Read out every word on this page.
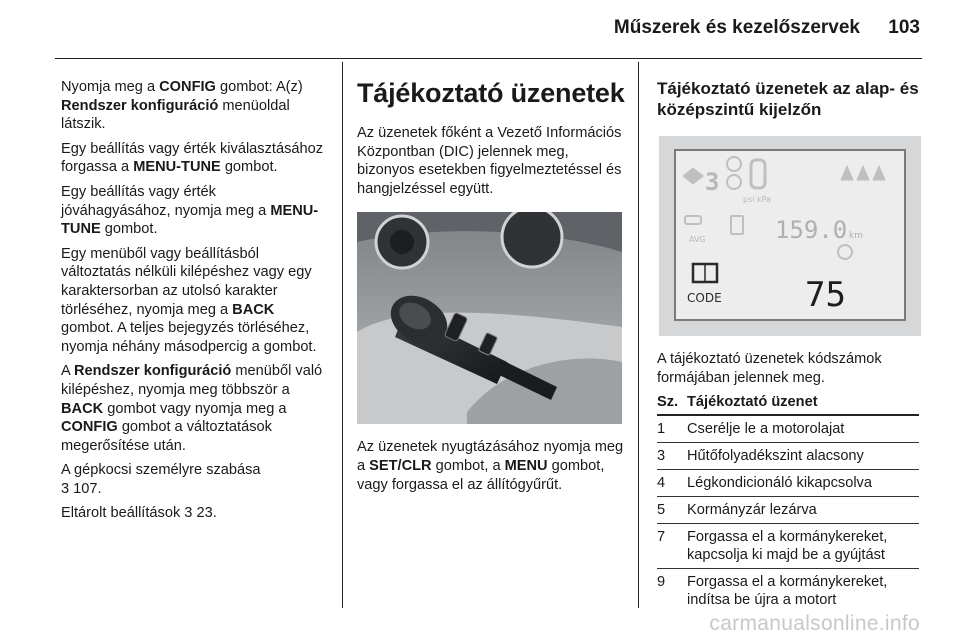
Műszerek és kezelőszervek 103

Nyomja meg a CONFIG gombot: A(z) Rendszer konfiguráció menüoldal látszik.

Egy beállítás vagy érték kiválasztásához forgassa a MENU-TUNE gombot.

Egy beállítás vagy érték jóváhagyásához, nyomja meg a MENU-TUNE gombot.

Egy menüből vagy beállításból változtatás nélküli kilépéshez vagy egy karaktersorban az utolsó karakter törléséhez, nyomja meg a BACK gombot. A teljes bejegyzés törléséhez, nyomja néhány másodpercig a gombot.

A Rendszer konfiguráció menüből való kilépéshez, nyomja meg többször a BACK gombot vagy nyomja meg a CONFIG gombot a változtatások megerősítése után.

A gépkocsi személyre szabása
3 107.

Eltárolt beállítások 3 23.

Tájékoztató üzenetek

Az üzenetek főként a Vezető Információs Központban (DIC) jelennek meg, bizonyos esetekben figyelmeztetéssel és hangjelzéssel együtt.

Az üzenetek nyugtázásához nyomja meg a SET/CLR gombot, a MENU gombot, vagy forgassa el az állítógyűrűt.

Tájékoztató üzenetek az alap- és középszintű kijelzőn
3
psi kPa
AVG	159.0 km
CODE 75

A tájékoztató üzenetek kódszámok formájában jelennek meg.

Sz.	Tájékoztató üzenet
1	Cserélje le a motorolajat
3	Hűtőfolyadékszint alacsony
4	Légkondicionáló kikapcsolva
5	Kormányzár lezárva
7	Forgassa el a kormánykereket, kapcsolja ki majd be a gyújtást
9	Forgassa el a kormánykereket, indítsa be újra a motort
carmanualsonline.info
